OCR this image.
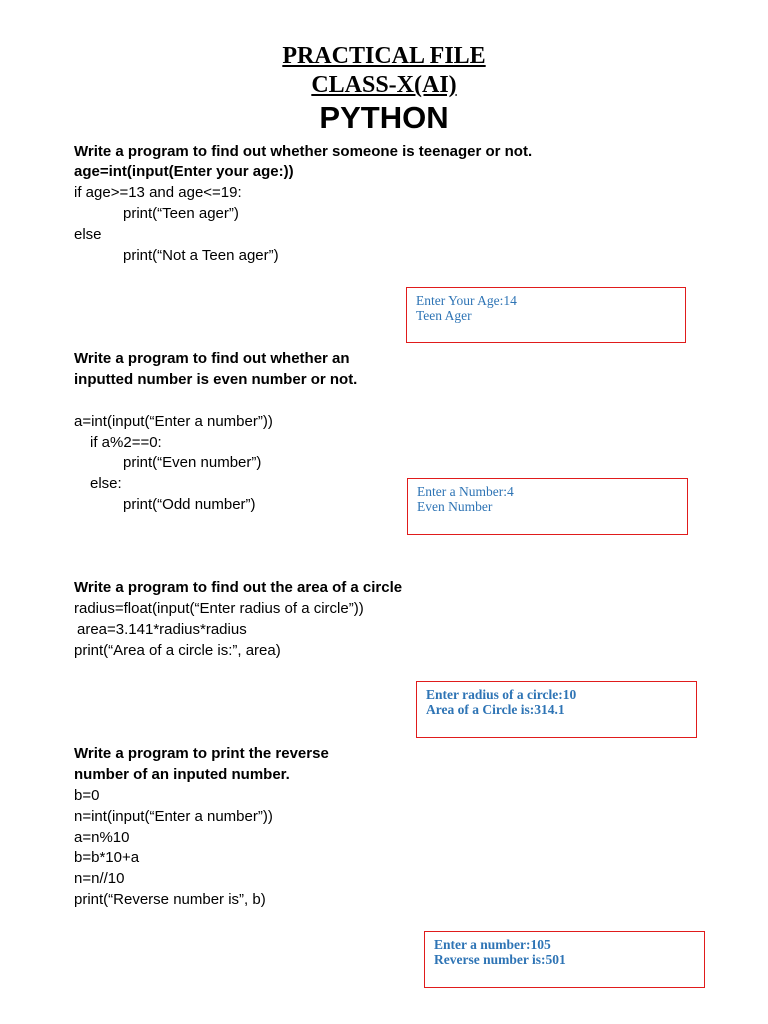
PRACTICAL FILE
CLASS-X(AI)
PYTHON
Write a program to find out whether someone is teenager or not.
age=int(input(Enter your age:))
if age>=13 and age<=19:
print(“Teen ager”)
else
print(“Not a Teen ager”)
Enter Your Age:14
Teen Ager
Write a program to find out whether an
inputted number is even number or not.
a=int(input(“Enter a number”))
if a%2==0:
print(“Even number”)
else:
print(“Odd number”)
Enter a Number:4
Even Number
Write a program to find out the area of a circle
radius=float(input(“Enter radius of a circle”))
area=3.141*radius*radius
print(“Area of a circle is:”, area)
Enter radius of a circle:10
Area of a Circle is:314.1
Write a program to print the reverse
number of an inputed number.
b=0
n=int(input(“Enter a number”))
a=n%10
b=b*10+a
n=n//10
print(“Reverse number is”, b)
Enter a number:105
Reverse number is:501
